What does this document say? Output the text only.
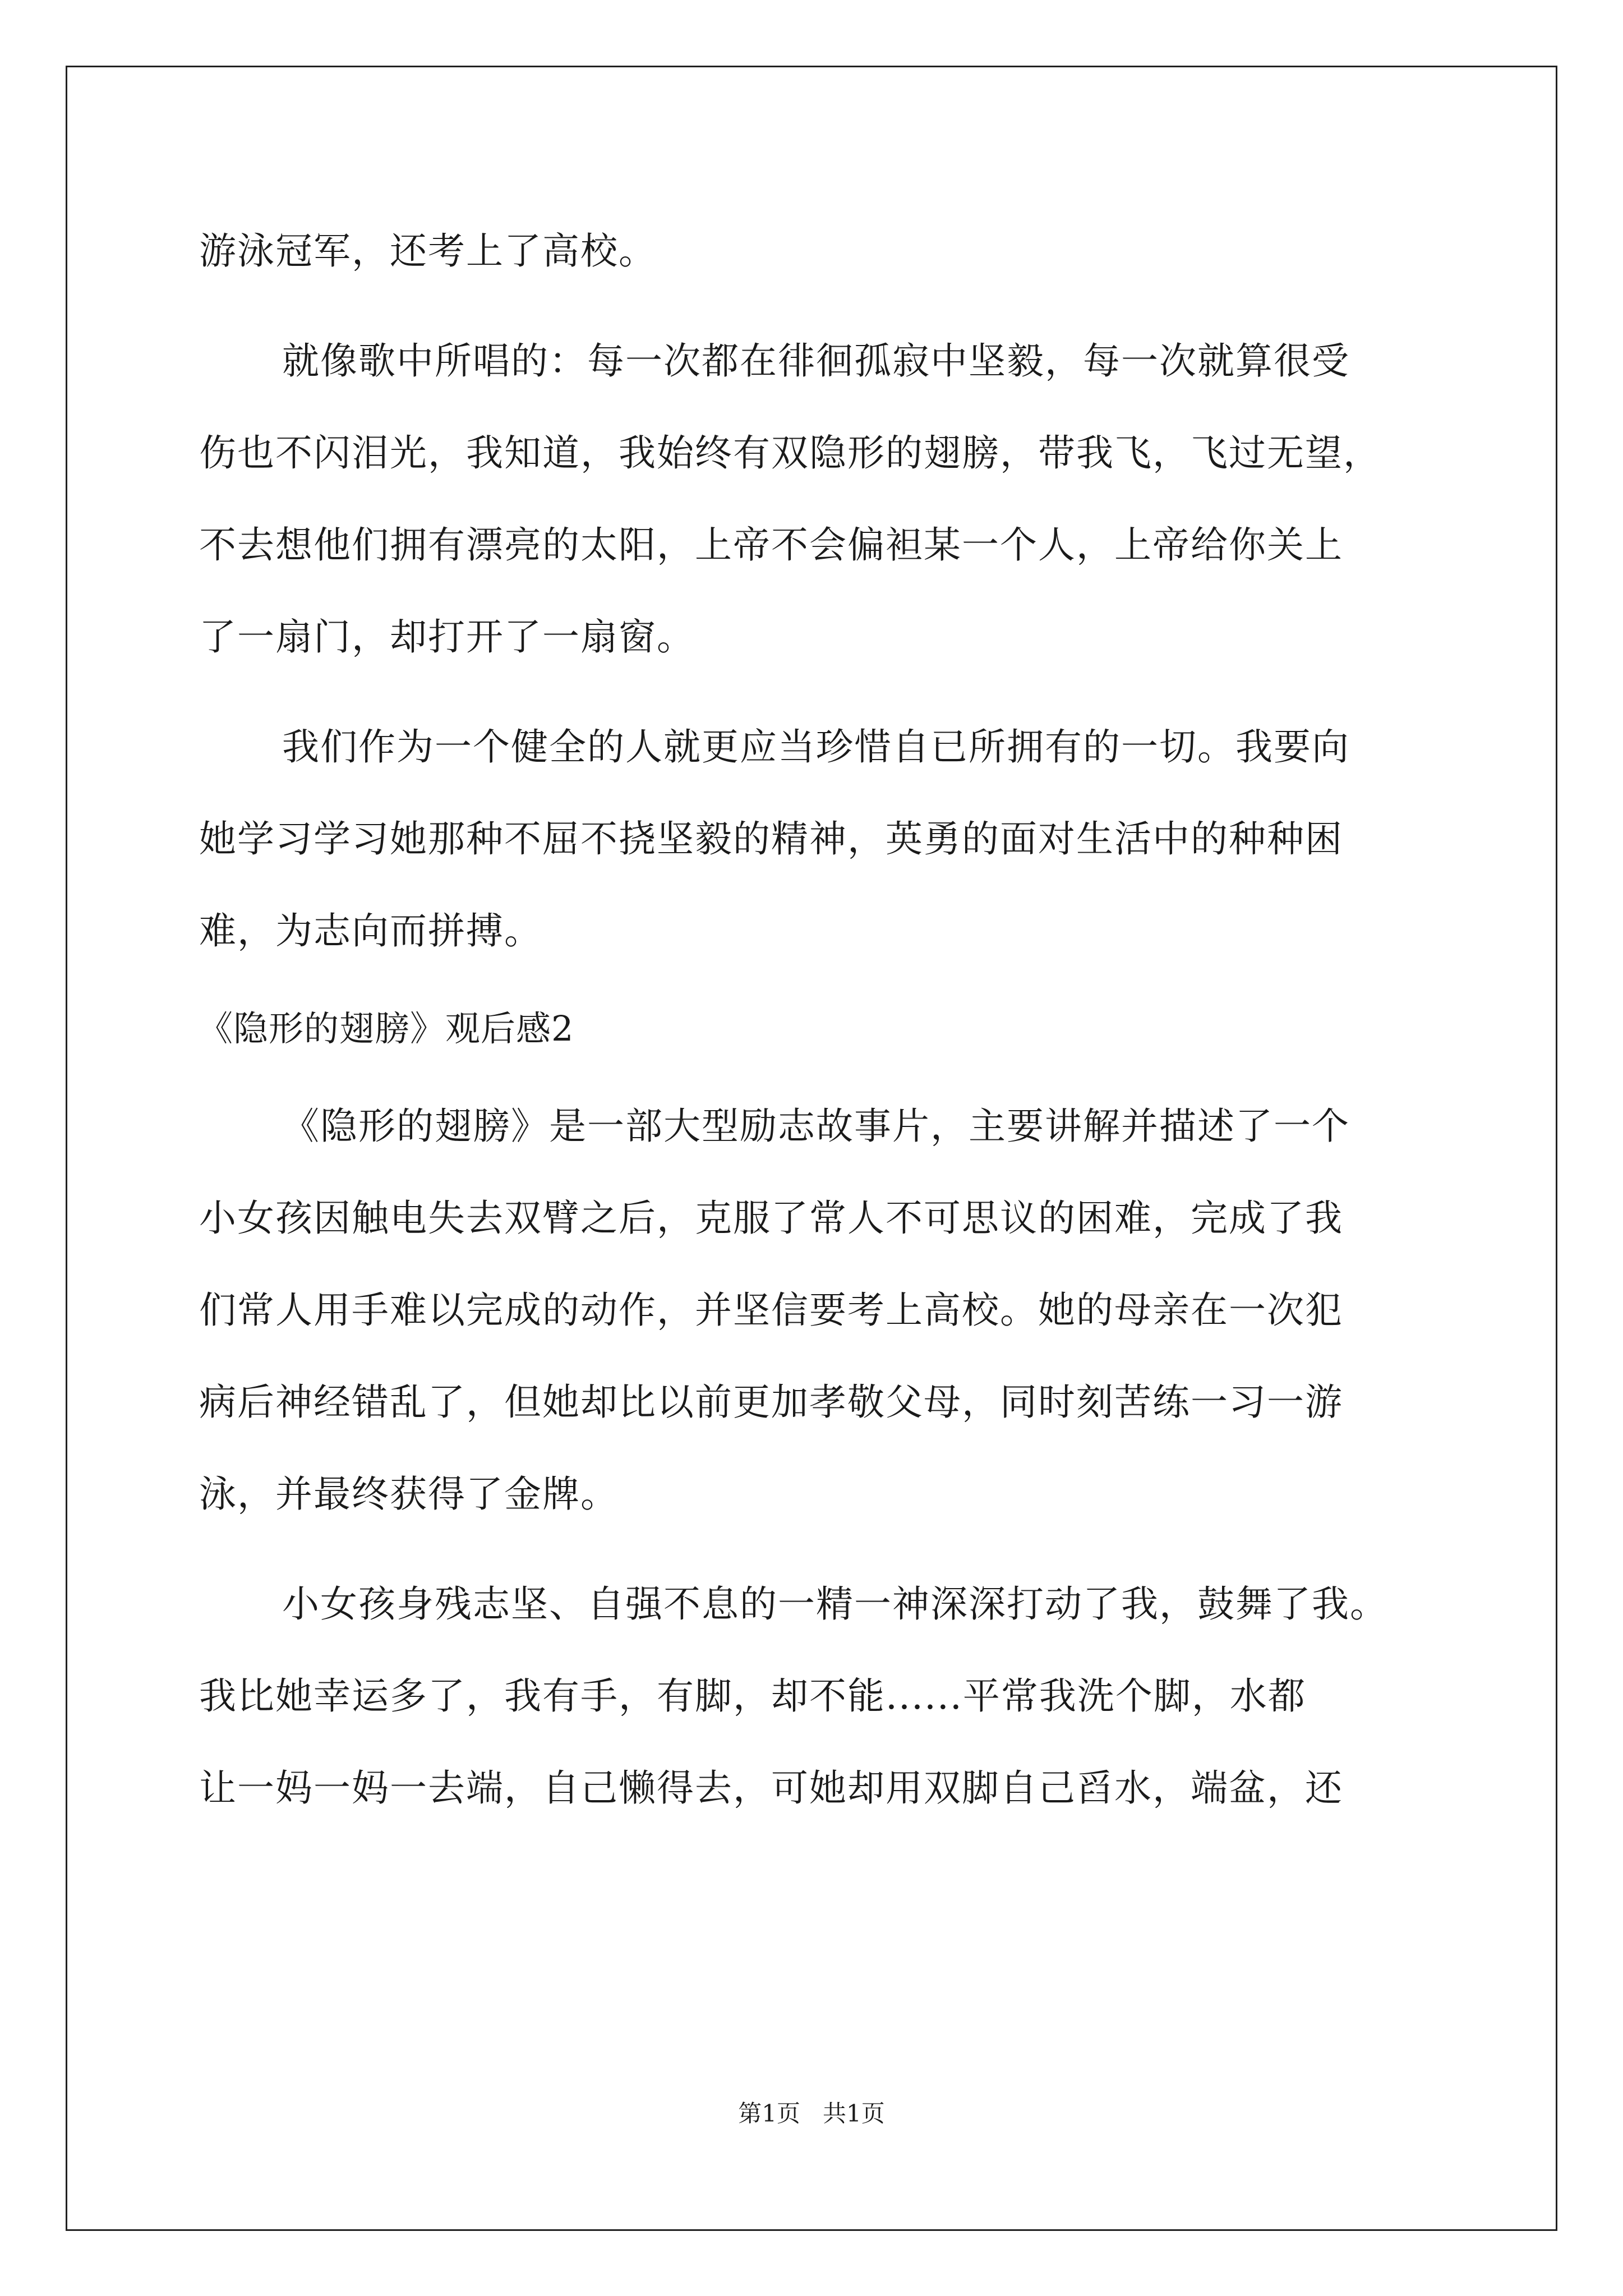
游泳冠军，还考上了高校。
就像歌中所唱的：每一次都在徘徊孤寂中坚毅，每一次就算很受
伤也不闪泪光，我知道，我始终有双隐形的翅膀，带我飞，飞过无望，
不去想他们拥有漂亮的太阳，上帝不会偏袒某一个人，上帝给你关上
了一扇门，却打开了一扇窗。
我们作为一个健全的人就更应当珍惜自已所拥有的一切。我要向
她学习学习她那种不屈不挠坚毅的精神，英勇的面对生活中的种种困
难，为志向而拼搏。
《隐形的翅膀》观后感2
《隐形的翅膀》是一部大型励志故事片，主要讲解并描述了一个
小女孩因触电失去双臂之后，克服了常人不可思议的困难，完成了我
们常人用手难以完成的动作，并坚信要考上高校。她的母亲在一次犯
病后神经错乱了，但她却比以前更加孝敬父母，同时刻苦练一习一游
泳，并最终获得了金牌。
小女孩身残志坚、自强不息的一精一神深深打动了我，鼓舞了我。
我比她幸运多了，我有手，有脚，却不能......平常我洗个脚，水都
让一妈一妈一去端，自己懒得去，可她却用双脚自己舀水，端盆，还
第1页   共1页
